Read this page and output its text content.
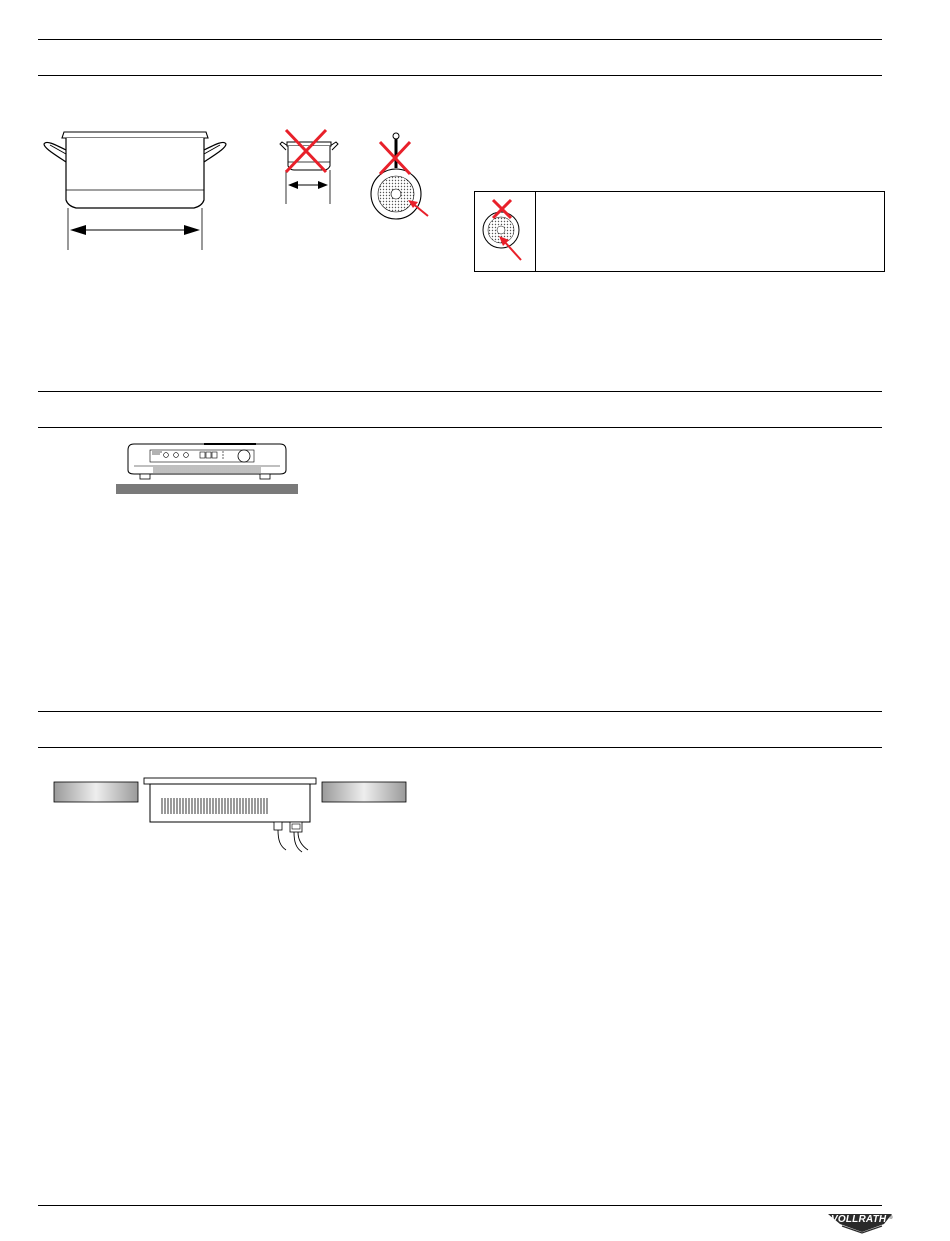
VOLLRATH ®
